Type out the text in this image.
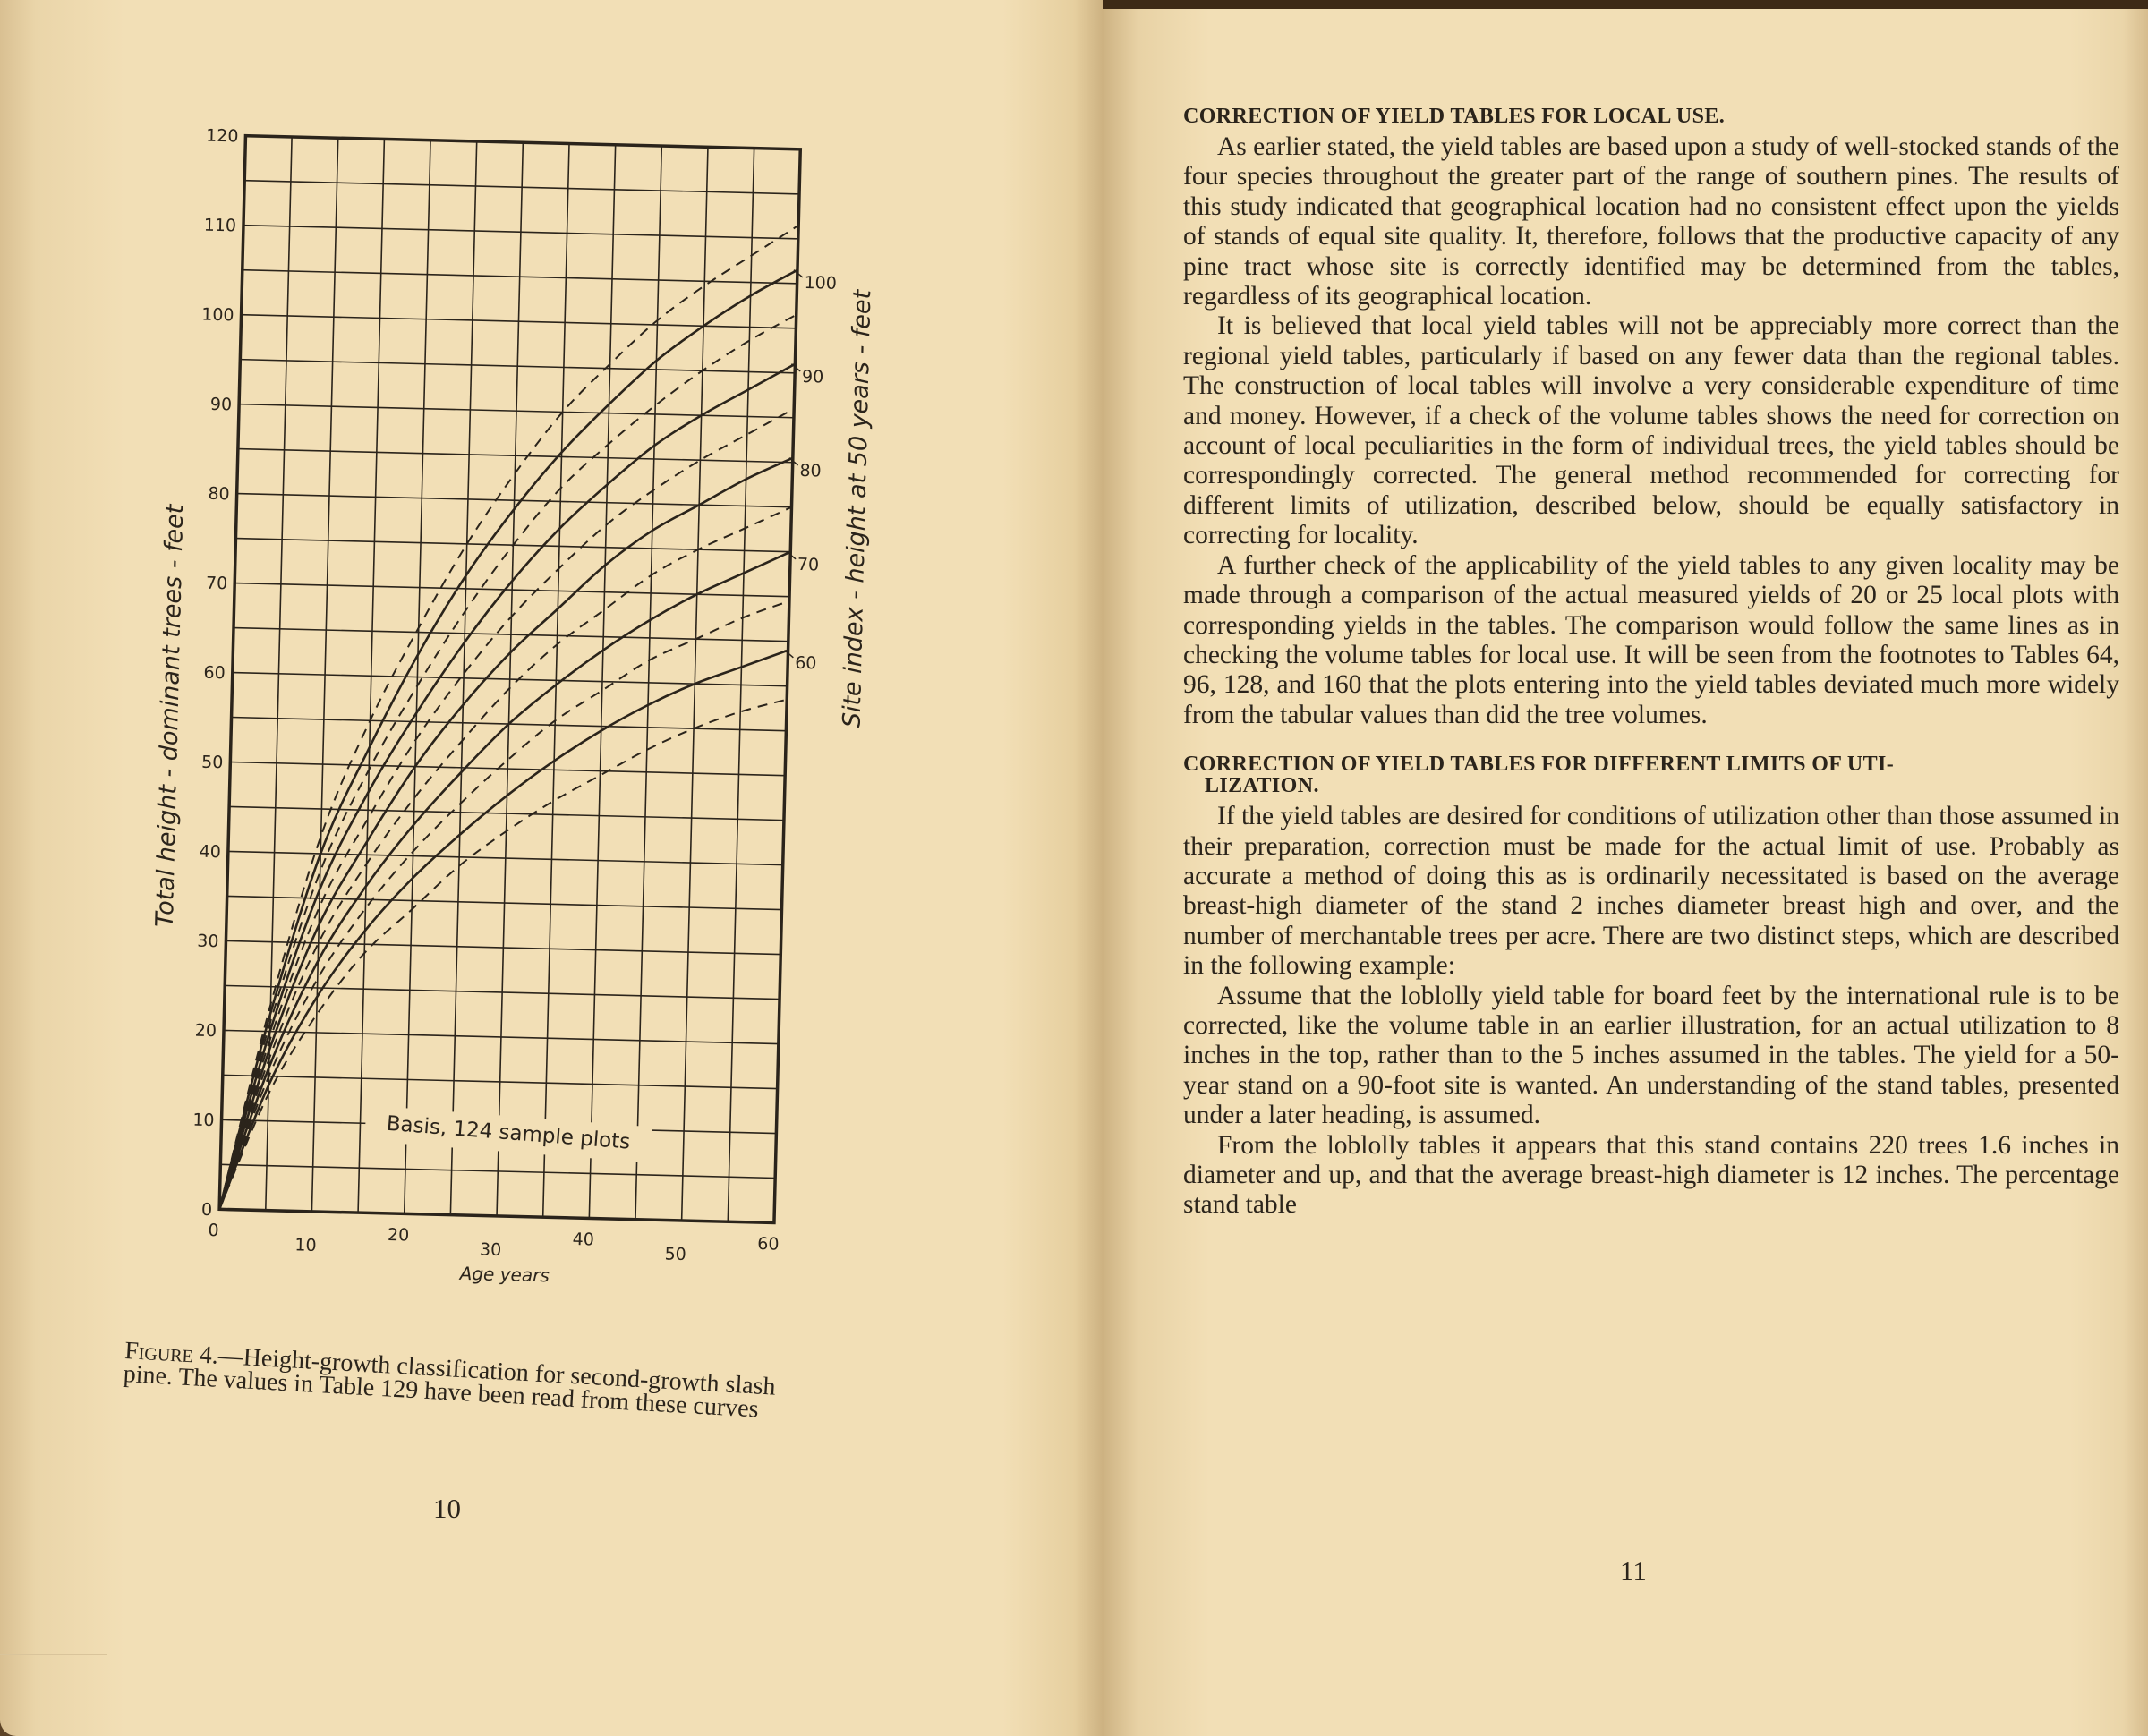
0
10
20
30
40
50
60
70
80
90
100
110
120
0
10
20
30
40
50
60
60
70
80
90
100
Basis, 124 sample plots
Total height - dominant trees - feet	Site index - height at 50 years - feet
Age years
Figure 4.—Height-growth classification for second-growth slash pine. The values in Table 129 have been read from these curves
10
CORRECTION OF YIELD TABLES FOR LOCAL USE.

As earlier stated, the yield tables are based upon a study of well-stocked stands of the four species throughout the greater part of the range of southern pines. The results of this study indicated that geographical location had no consistent effect upon the yields of stands of equal site quality. It, therefore, follows that the productive capacity of any pine tract whose site is correctly identified may be determined from the tables, regardless of its geographical location.

It is believed that local yield tables will not be appreciably more correct than the regional yield tables, particularly if based on any fewer data than the regional tables. The construction of local tables will involve a very considerable expenditure of time and money. However, if a check of the volume tables shows the need for correction on account of local peculiarities in the form of individual trees, the yield tables should be correspondingly corrected. The general method recommended for correcting for different limits of utilization, described below, should be equally satisfactory in correcting for locality.

A further check of the applicability of the yield tables to any given locality may be made through a comparison of the actual measured yields of 20 or 25 local plots with corresponding yields in the tables. The comparison would follow the same lines as in checking the volume tables for local use. It will be seen from the footnotes to Tables 64, 96, 128, and 160 that the plots entering into the yield tables deviated much more widely from the tabular values than did the tree volumes.

CORRECTION OF YIELD TABLES FOR DIFFERENT LIMITS OF UTI-
LIZATION.

If the yield tables are desired for conditions of utilization other than those assumed in their preparation, correction must be made for the actual limit of use. Probably as accurate a method of doing this as is ordinarily necessitated is based on the average breast-high diameter of the stand 2 inches diameter breast high and over, and the number of merchantable trees per acre. There are two distinct steps, which are described in the following example:

Assume that the loblolly yield table for board feet by the international rule is to be corrected, like the volume table in an earlier illustration, for an actual utilization to 8 inches in the top, rather than to the 5 inches assumed in the tables. The yield for a 50-year stand on a 90-foot site is wanted. An understanding of the stand tables, presented under a later heading, is assumed.

From the loblolly tables it appears that this stand contains 220 trees 1.6 inches in diameter and up, and that the average breast-high diameter is 12 inches. The percentage stand table

11
